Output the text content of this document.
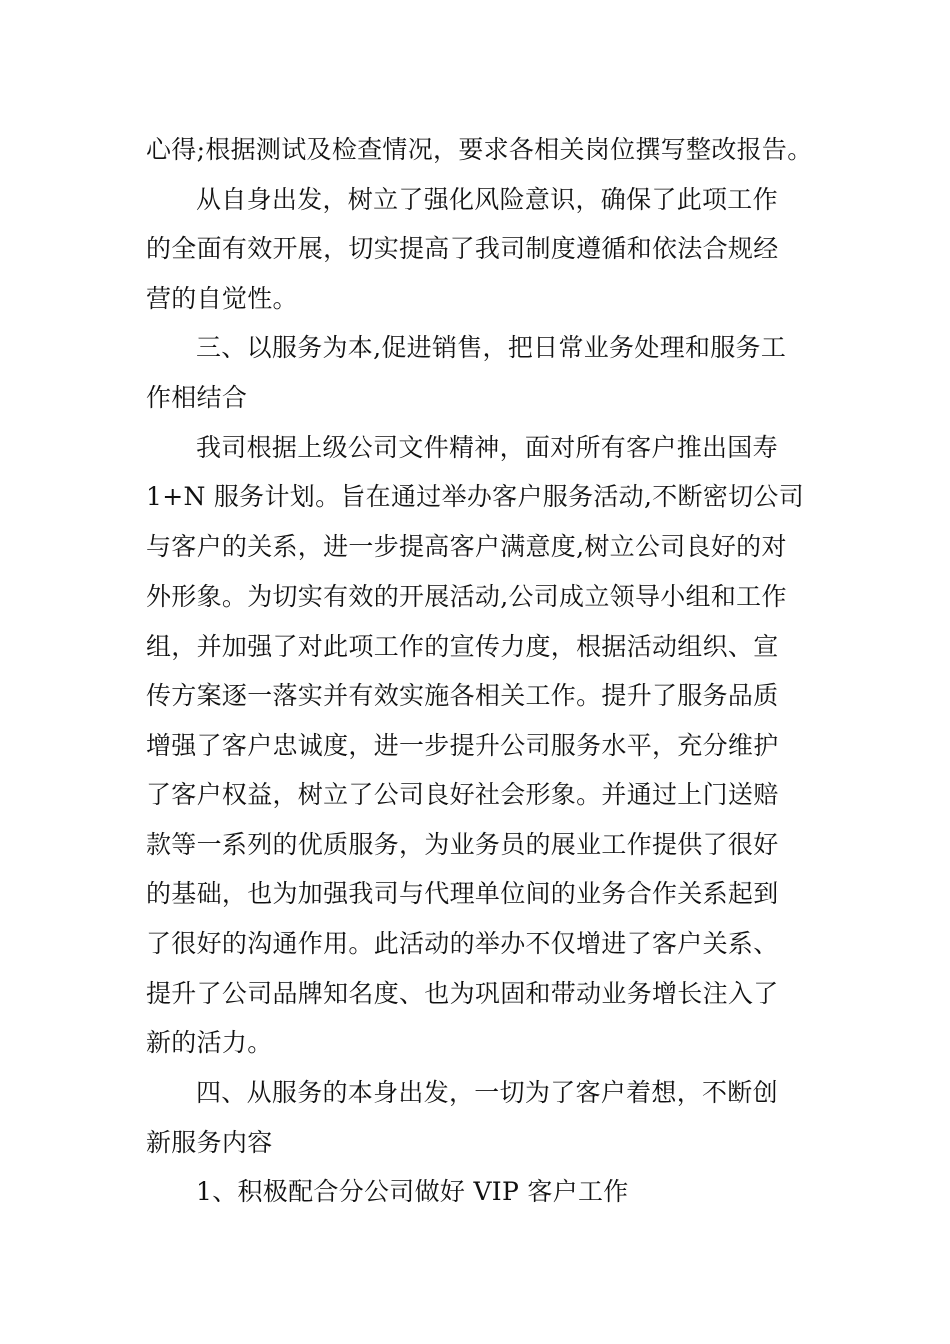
心得;根据测试及检查情况，要求各相关岗位撰写整改报告。
从自身出发，树立了强化风险意识，确保了此项工作
的全面有效开展，切实提高了我司制度遵循和依法合规经
营的自觉性。
三、以服务为本,促进销售，把日常业务处理和服务工
作相结合
我司根据上级公司文件精神，面对所有客户推出国寿
1+N 服务计划。旨在通过举办客户服务活动,不断密切公司
与客户的关系，进一步提高客户满意度,树立公司良好的对
外形象。为切实有效的开展活动,公司成立领导小组和工作
组，并加强了对此项工作的宣传力度，根据活动组织、宣
传方案逐一落实并有效实施各相关工作。提升了服务品质
增强了客户忠诚度，进一步提升公司服务水平，充分维护
了客户权益，树立了公司良好社会形象。并通过上门送赔
款等一系列的优质服务，为业务员的展业工作提供了很好
的基础，也为加强我司与代理单位间的业务合作关系起到
了很好的沟通作用。此活动的举办不仅增进了客户关系、
提升了公司品牌知名度、也为巩固和带动业务增长注入了
新的活力。
四、从服务的本身出发，一切为了客户着想，不断创
新服务内容
1、积极配合分公司做好 VIP 客户工作
